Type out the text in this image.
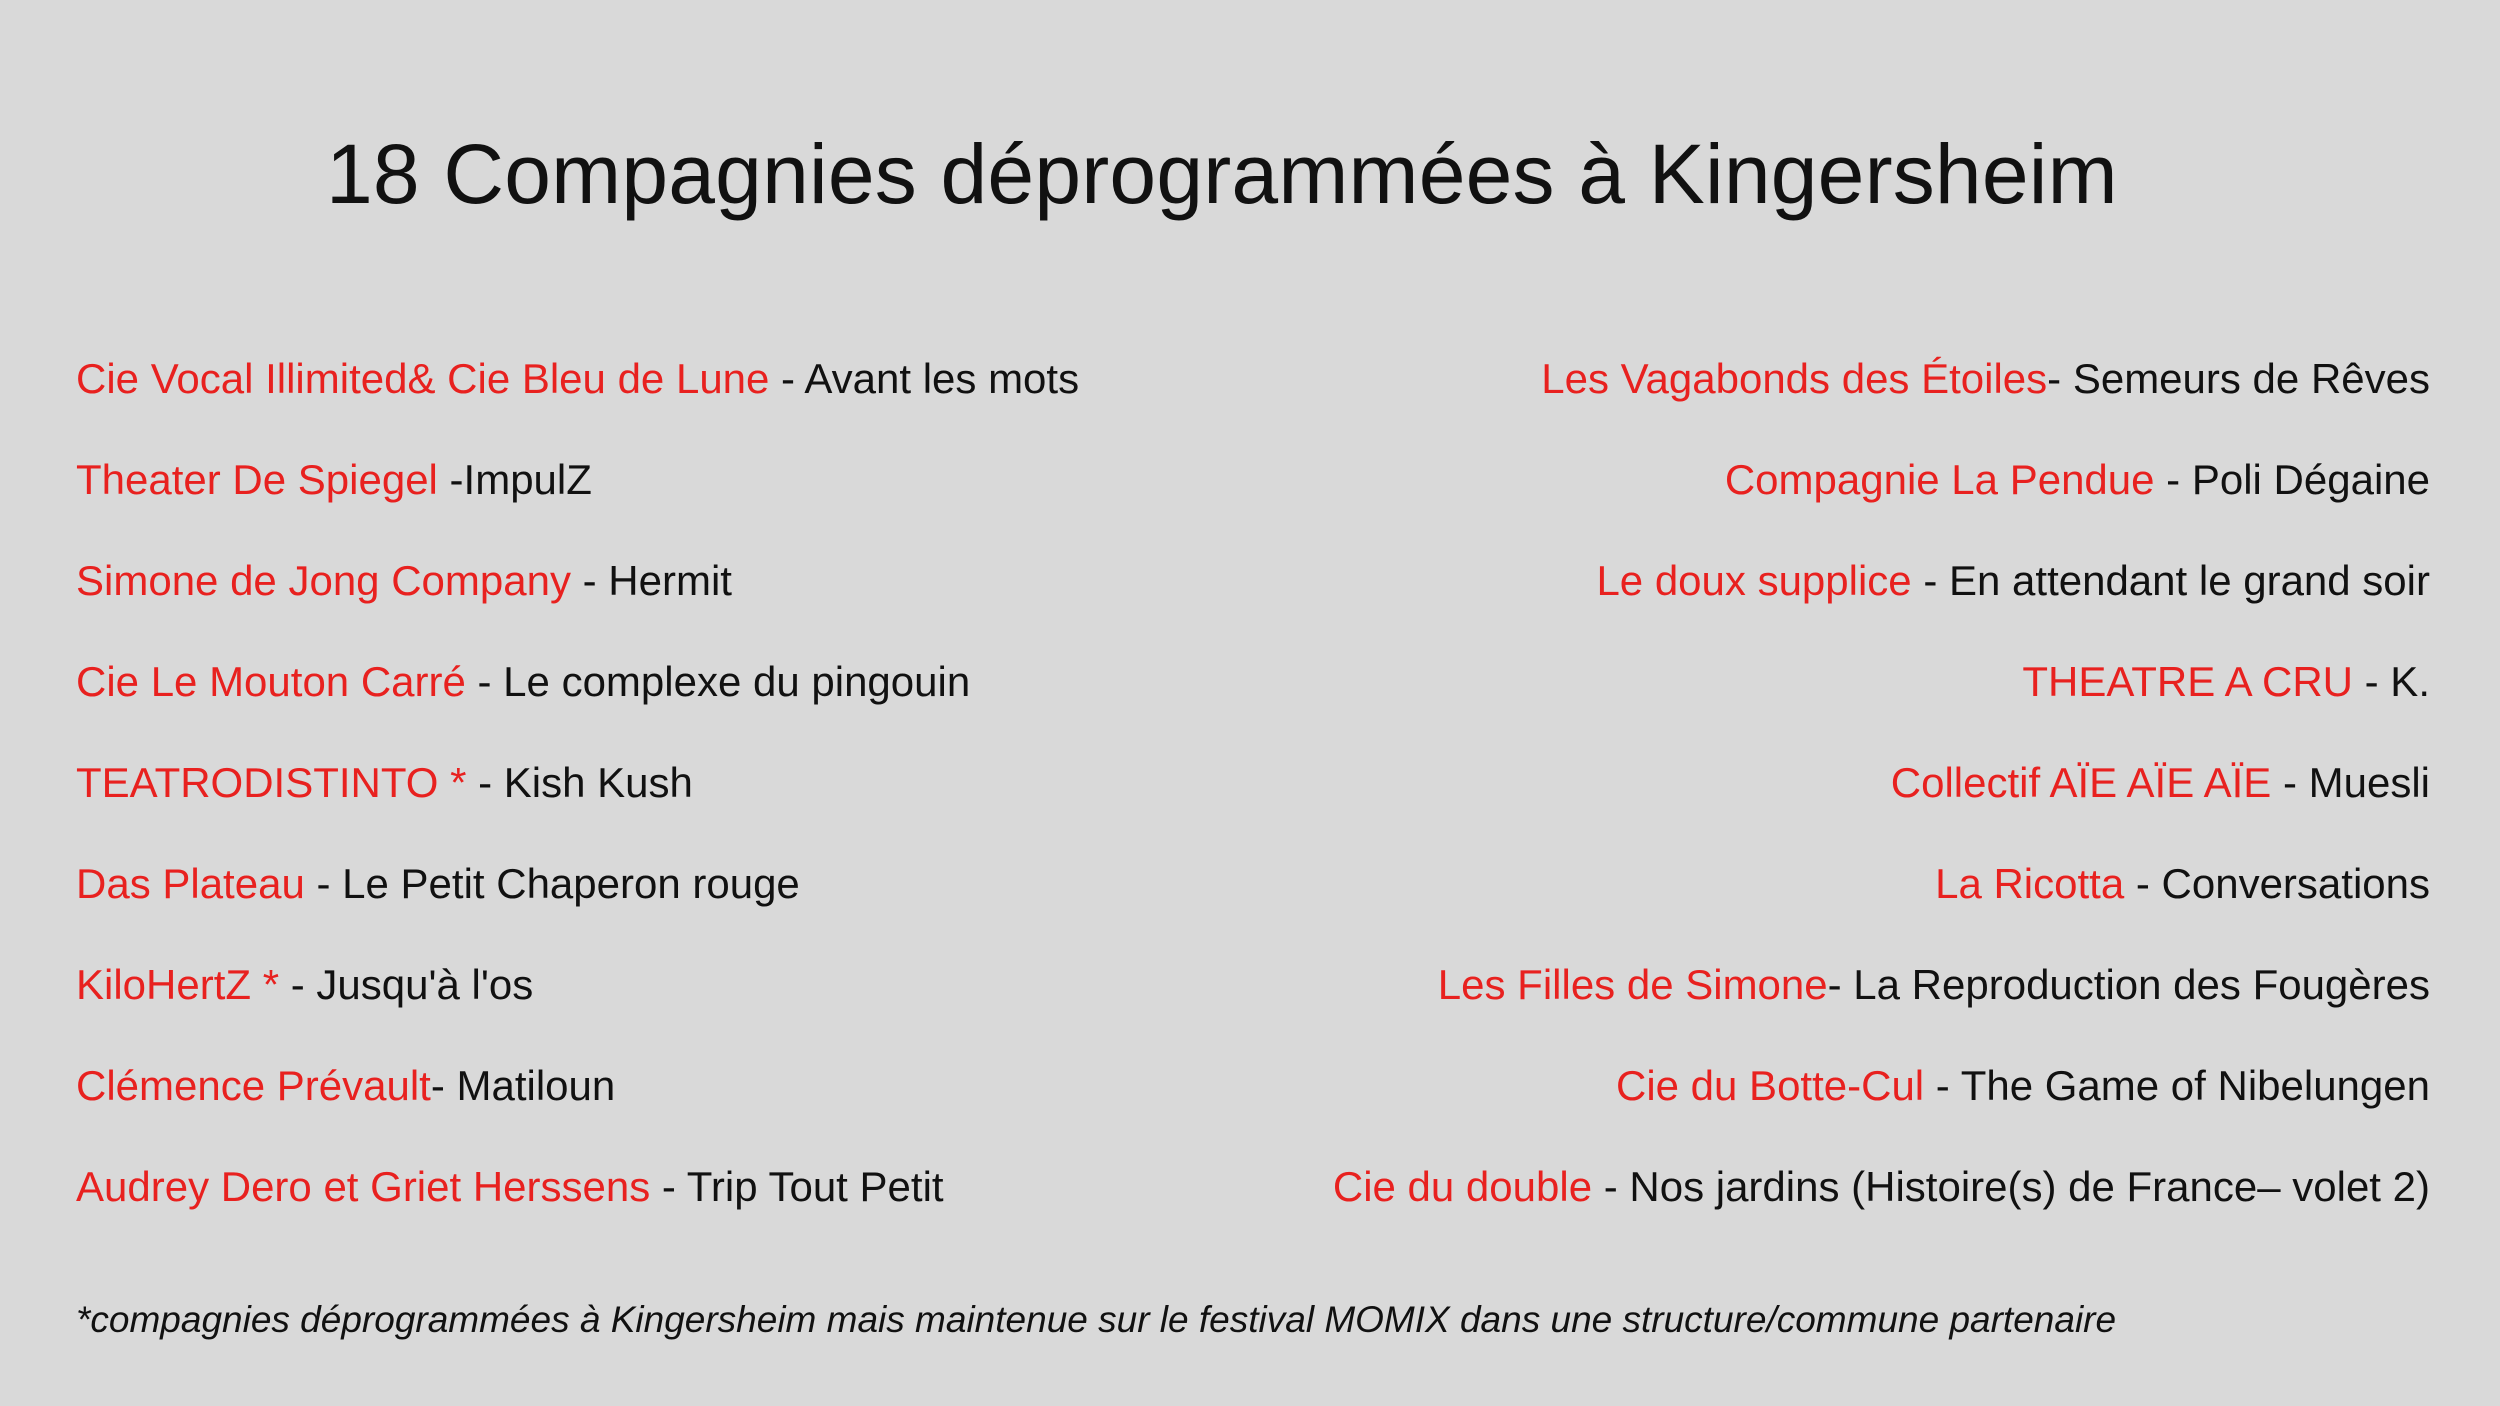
18 Compagnies déprogrammées à Kingersheim
Cie Vocal Illimited& Cie Bleu de Lune - Avant les mots
Theater De Spiegel -ImpulZ
Simone de Jong Company - Hermit
Cie Le Mouton Carré - Le complexe du pingouin
TEATRODISTINTO * - Kish Kush
Das Plateau - Le Petit Chaperon rouge
KiloHertZ * - Jusqu'à l'os
Clémence Prévault- Matiloun
Audrey Dero et Griet Herssens - Trip Tout Petit
Les Vagabonds des Étoiles- Semeurs de Rêves
Compagnie La Pendue - Poli Dégaine
Le doux supplice - En attendant le grand soir
THEATRE A CRU - K.
Collectif AÏE AÏE AÏE - Muesli
La Ricotta - Conversations
Les Filles de Simone- La Reproduction des Fougères
Cie du Botte-Cul - The Game of Nibelungen
Cie du double - Nos jardins (Histoire(s) de France– volet 2)
*compagnies déprogrammées à Kingersheim mais maintenue sur le festival MOMIX dans une structure/commune partenaire
